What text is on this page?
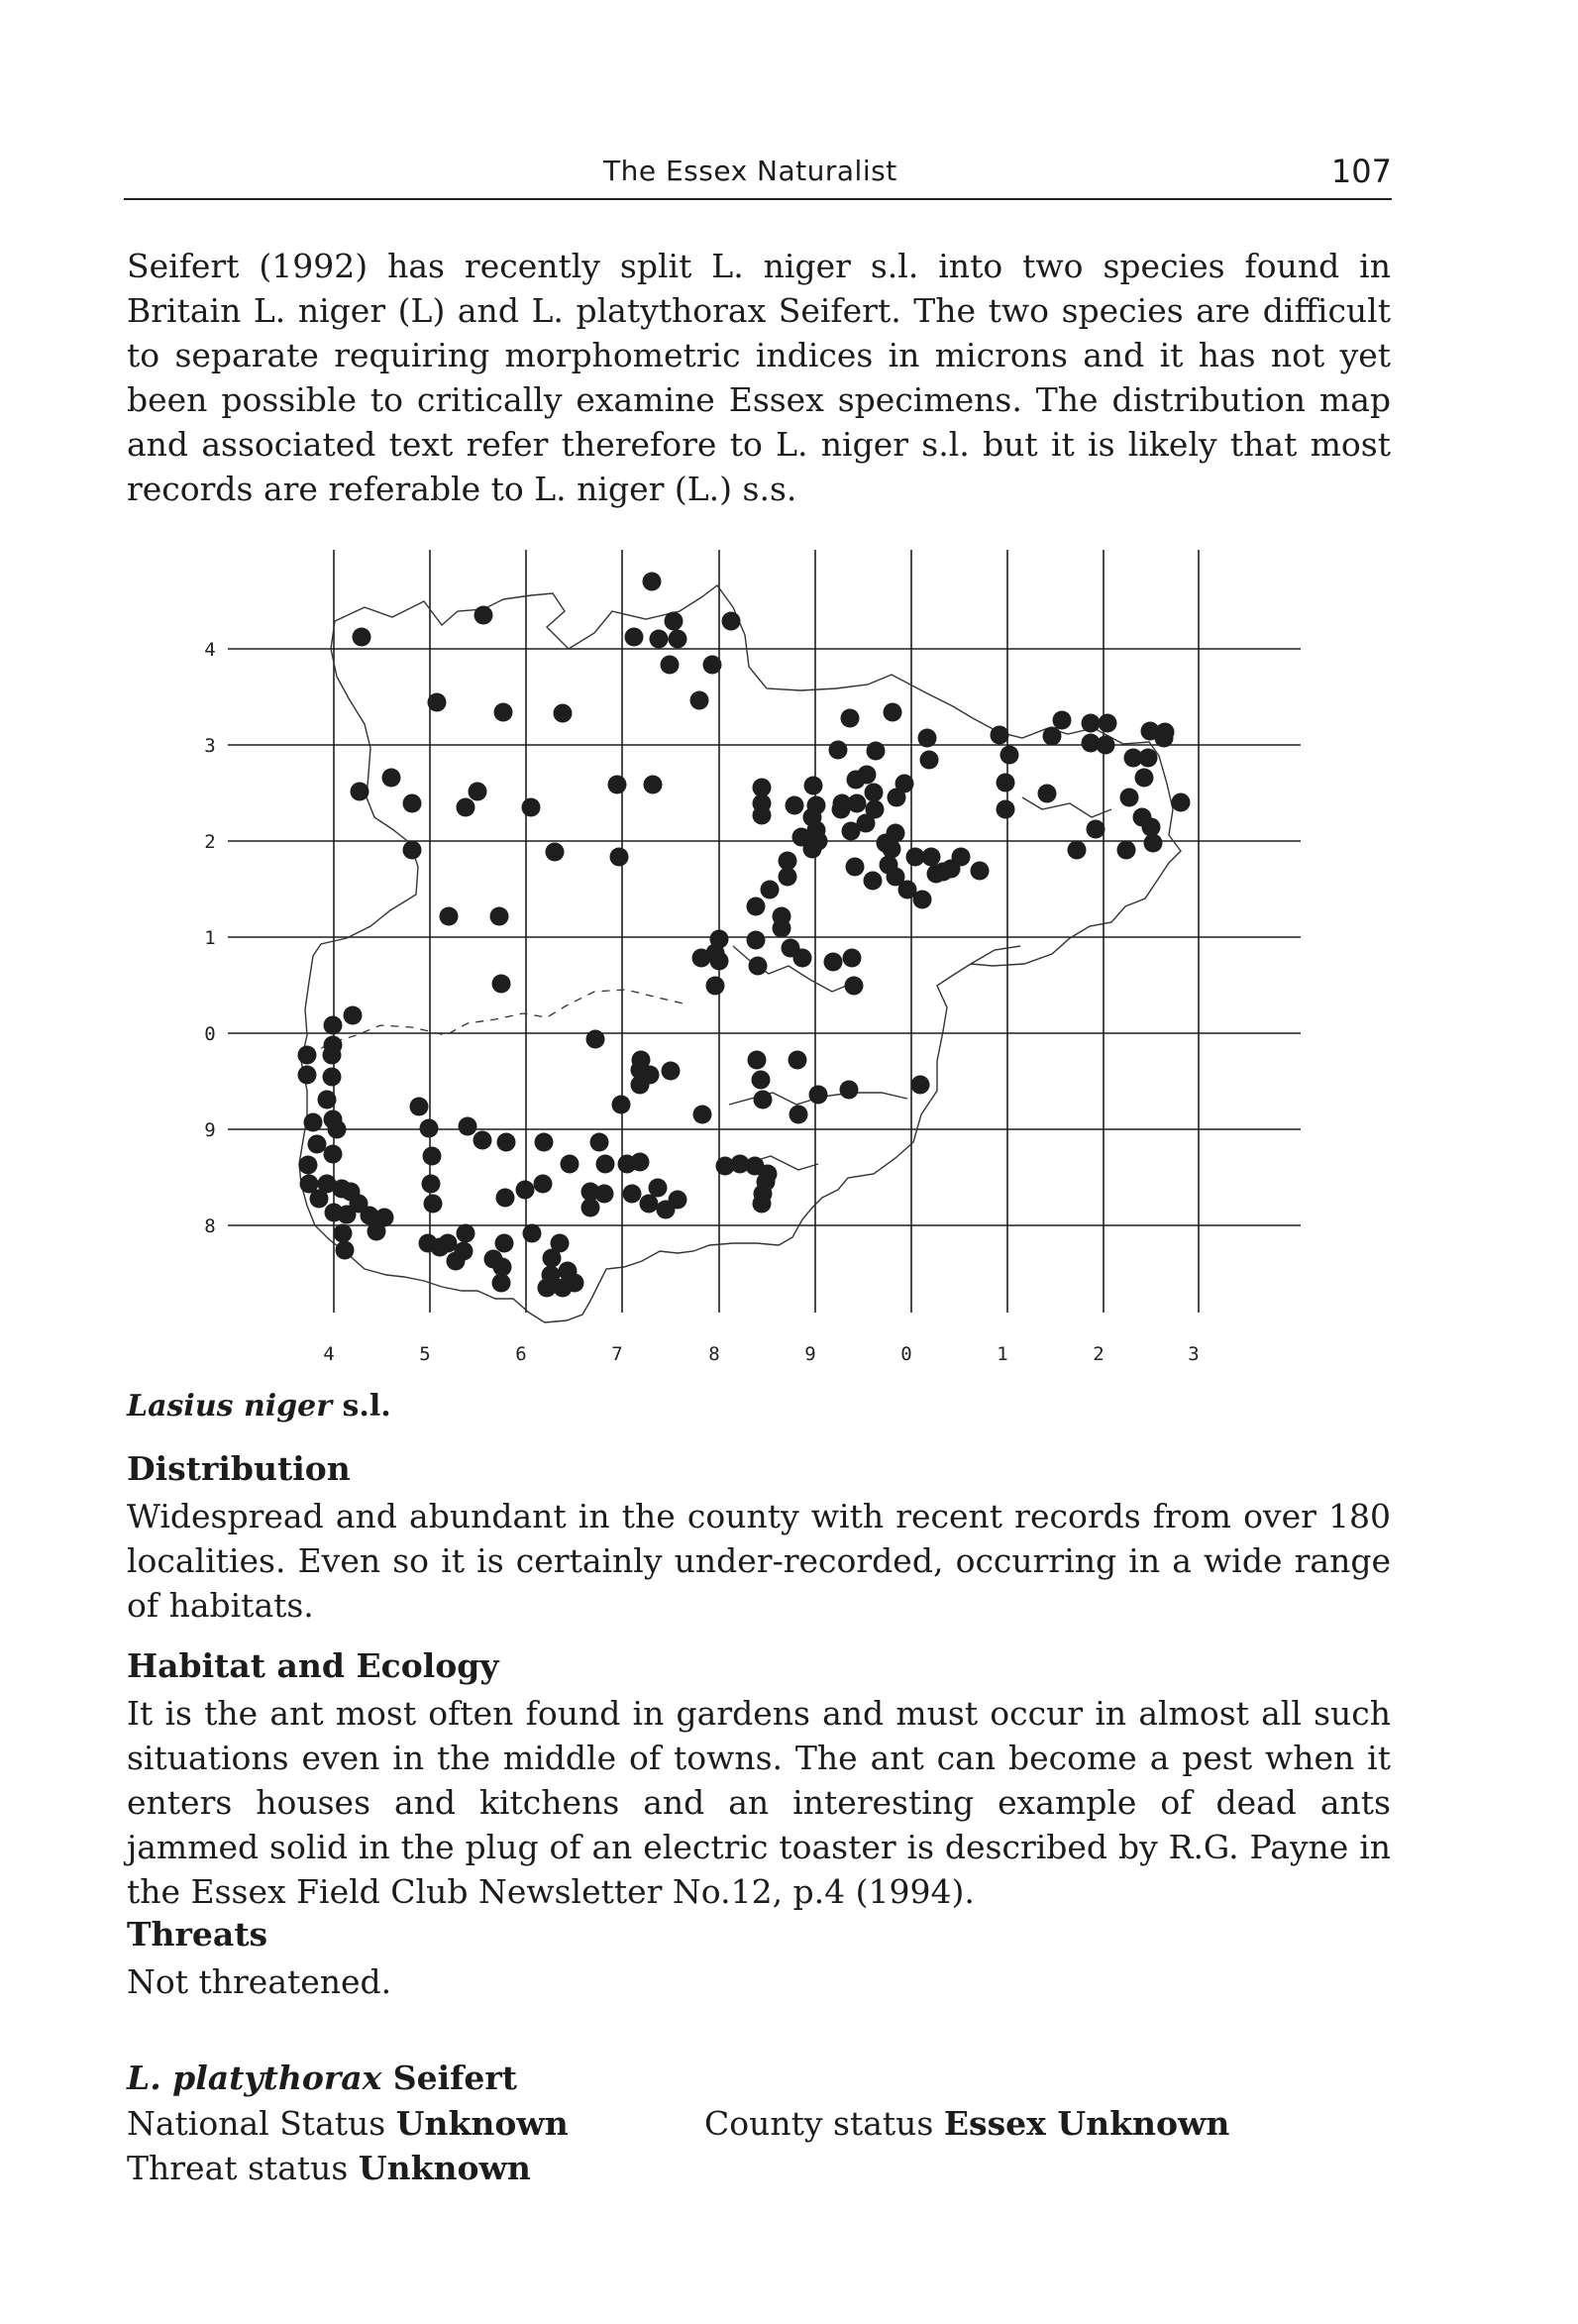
The Essex Naturalist	107

Seifert (1992) has recently split L. niger s.l. into two species found in Britain L. niger (L) and L. platythorax Seifert. The two species are difficult to separate requiring morphometric indices in microns and it has not yet been possible to critically examine Essex specimens. The distribution map and associated text refer therefore to L. niger s.l. but it is likely that most records are referable to L. niger (L.) s.s.

4
3
2
1
0
9
8
4	5	6	7	8	9	0	1	2	3
Lasius niger s.l.
Distribution

Widespread and abundant in the county with recent records from over 180 localities. Even so it is certainly under-recorded, occurring in a wide range of habitats.

Habitat and Ecology

It is the ant most often found in gardens and must occur in almost all such situations even in the middle of towns. The ant can become a pest when it enters houses and kitchens and an interesting example of dead ants jammed solid in the plug of an electric toaster is described by R.G. Payne in the Essex Field Club Newsletter No.12, p.4 (1994).

Threats

Not threatened.

L. platythorax Seifert
National Status Unknown	County status Essex Unknown
Threat status Unknown
